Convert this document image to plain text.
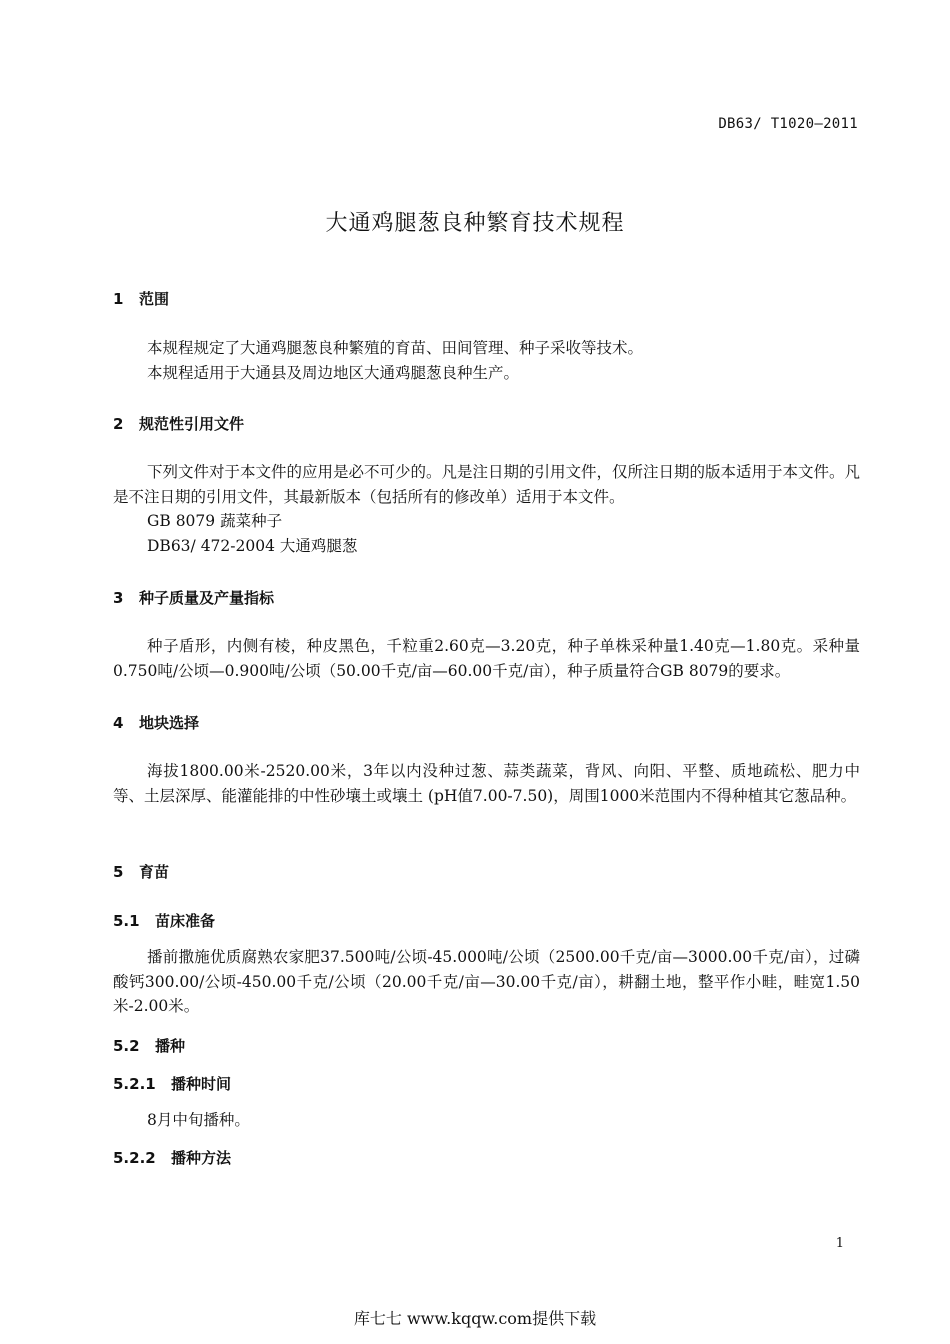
DB63/ T1020—2011
大通鸡腿葱良种繁育技术规程
1 范围
本规程规定了大通鸡腿葱良种繁殖的育苗、田间管理、种子采收等技术。
本规程适用于大通县及周边地区大通鸡腿葱良种生产。
2 规范性引用文件
下列文件对于本文件的应用是必不可少的。凡是注日期的引用文件，仅所注日期的版本适用于本文件。凡是不注日期的引用文件，其最新版本（包括所有的修改单）适用于本文件。
GB 8079 蔬菜种子
DB63/ 472-2004 大通鸡腿葱
3 种子质量及产量指标
种子盾形，内侧有棱，种皮黑色，千粒重2.60克—3.20克，种子单株采种量1.40克—1.80克。采种量0.750吨/公顷—0.900吨/公顷（50.00千克/亩—60.00千克/亩），种子质量符合GB 8079的要求。
4 地块选择
海拔1800.00米-2520.00米，3年以内没种过葱、蒜类蔬菜，背风、向阳、平整、质地疏松、肥力中等、土层深厚、能灌能排的中性砂壤土或壤土 (pH值7.00-7.50)，周围1000米范围内不得种植其它葱品种。
5 育苗
5.1 苗床准备
播前撒施优质腐熟农家肥37.500吨/公顷-45.000吨/公顷（2500.00千克/亩—3000.00千克/亩），过磷酸钙300.00/公顷-450.00千克/公顷（20.00千克/亩—30.00千克/亩），耕翻土地，整平作小畦，畦宽1.50米-2.00米。
5.2 播种
5.2.1 播种时间
8月中旬播种。
5.2.2 播种方法
1
库七七 www.kqqw.com提供下载
